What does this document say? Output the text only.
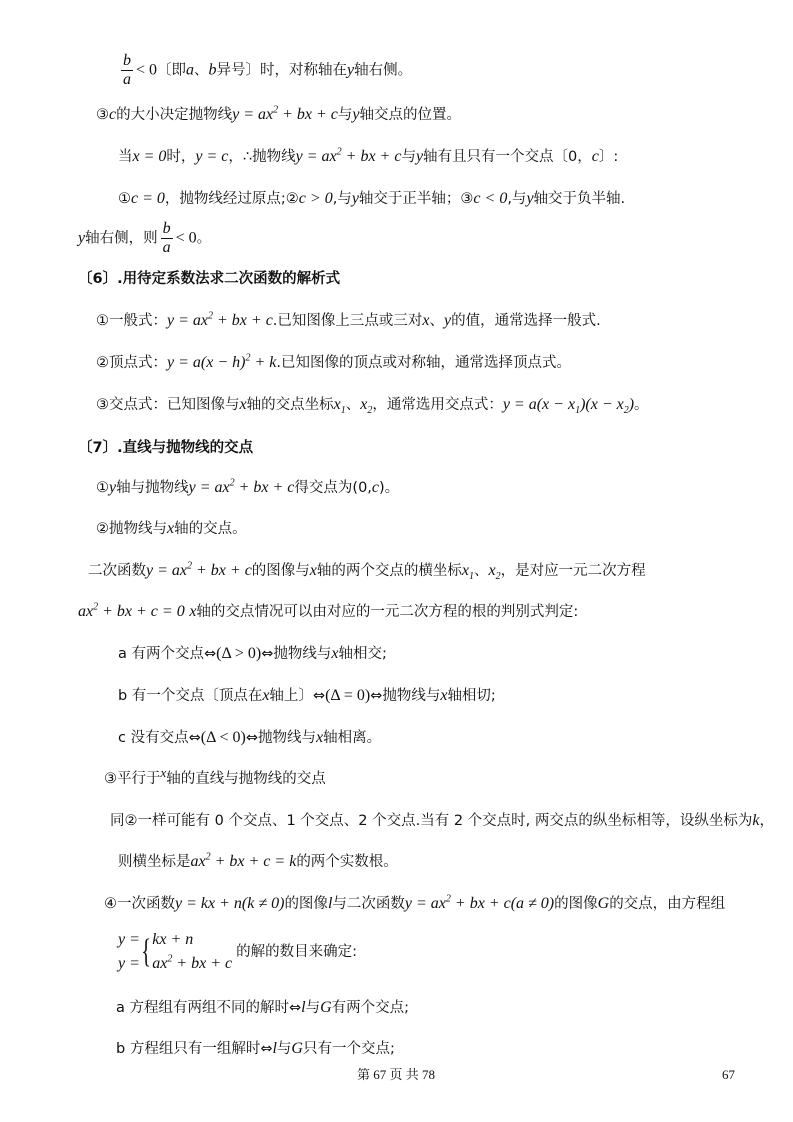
$\frac{b}{a} < 0$〔即a、b异号〕时，对称轴在y轴右侧。
③c的大小决定抛物线$y = ax^2$ + bx + c与y轴交点的位置。
当x = 0时，y = c，∴抛物线$y = ax^2$ + bx + c与y轴有且只有一个交点〔0，c〕:
①c = 0，抛物线经过原点;②c > 0,与y轴交于正半轴；③c < 0,与y轴交于负半轴.
y轴右侧，则 $\frac{b}{a} < 0$。
〔6〕.用待定系数法求二次函数的解析式
①一般式：$y = ax^2$ + bx + c.已知图像上三点或三对x、y的值，通常选择一般式.
②顶点式：$y = a(x - h)^2 + k$.已知图像的顶点或对称轴，通常选择顶点式。
③交点式：已知图像与x轴的交点坐标$x_1$、$x_2$，通常选用交点式：$y = a(x - x_1)(x - x_2)$。
〔7〕.直线与抛物线的交点
①y轴与抛物线$y = ax^2$ + bx + c得交点为(0,c)。
②抛物线与x轴的交点。
二次函数$y = ax^2$ + bx + c的图像与x轴的两个交点的横坐标$x_1$、$x_2$，是对应一元二次方程
$ax^2$ + bx + c = 0 x轴的交点情况可以由对应的一元二次方程的根的判别式判定:
a 有两个交点⇔(Δ > 0)⇔抛物线与x轴相交;
b 有一个交点〔顶点在x轴上〕⇔(Δ = 0)⇔抛物线与x轴相切;
c 没有交点⇔(Δ < 0)⇔抛物线与x轴相离。
③平行于x轴的直线与抛物线的交点
同②一样可能有 0 个交点、1 个交点、2 个交点.当有 2 个交点时, 两交点的纵坐标相等，设纵坐标为k，
则横坐标是$ax^2$ + bx + c = k的两个实数根。
④一次函数y = kx + n(k ≠ 0)的图像l与二次函数$y = ax^2$ + bx + c(a ≠ 0)的图像G的交点，由方程组
y =
y ={kx + n
$ax^2$ + bx + c的解的数目来确定:
a 方程组有两组不同的解时⇔l与G有两个交点;
b 方程组只有一组解时⇔l与G只有一个交点;
第 67 页 共 78	67
